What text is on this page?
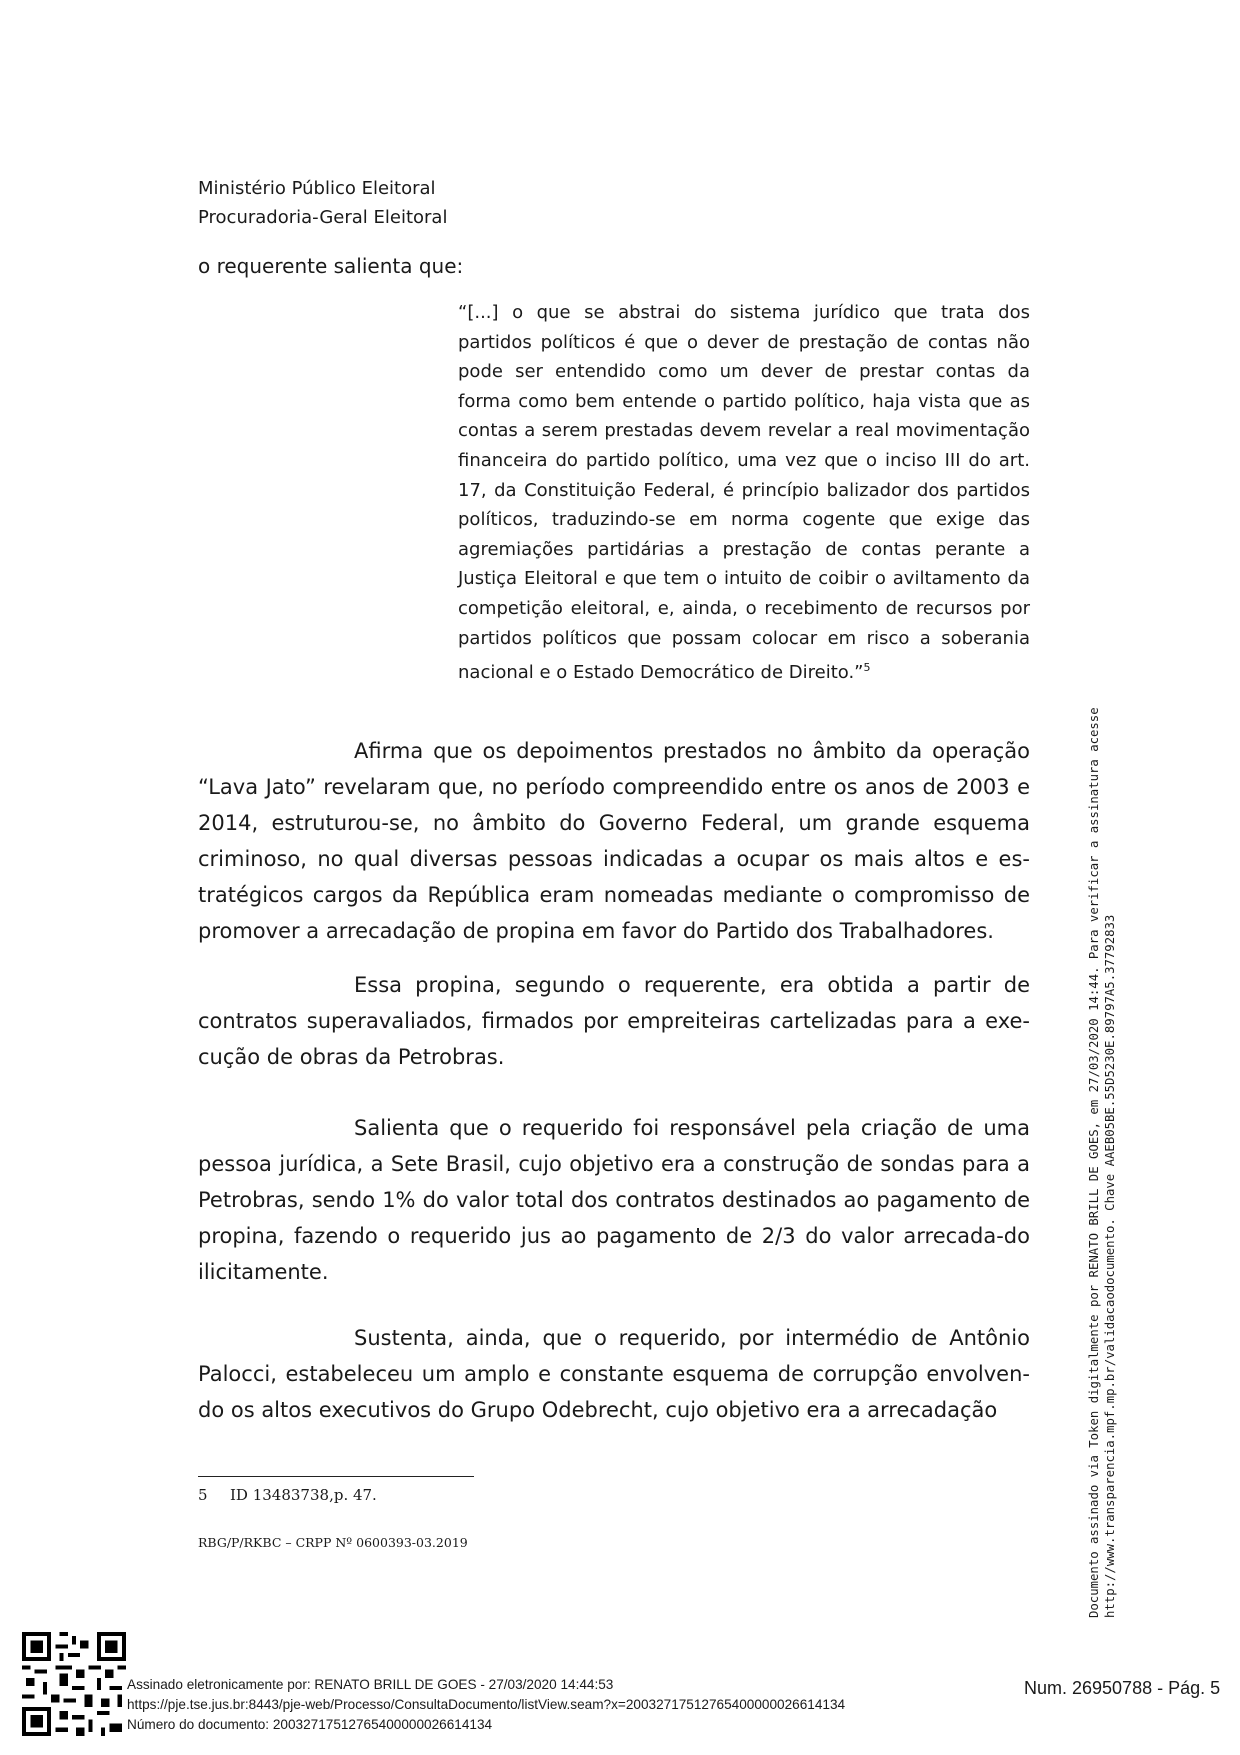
Ministério Público Eleitoral
Procuradoria-Geral Eleitoral
o requerente salienta que:

“[...] o que se abstrai do sistema jurídico que trata dos partidos políticos é que o dever de prestação de contas não pode ser entendido como um dever de prestar contas da forma como bem entende o partido político, haja vista que as contas a serem prestadas devem revelar a real movimentação financeira do partido político, uma vez que o inciso III do art. 17, da Constituição Federal, é princípio balizador dos partidos políticos, traduzindo-se em norma cogente que exige das agremiações partidárias a prestação de contas perante a Justiça Eleitoral e que tem o intuito de coibir o aviltamento da competição eleitoral, e, ainda, o recebimento de recursos por partidos políticos que possam colocar em risco a soberania nacional e o Estado Democrático de Direito.”$^5$

Afirma que os depoimentos prestados no âmbito da operação “Lava Jato” revelaram que, no período compreendido entre os anos de 2003 e 2014, estruturou-se, no âmbito do Governo Federal, um grande esquema criminoso, no qual diversas pessoas indicadas a ocupar os mais altos e es-tratégicos cargos da República eram nomeadas mediante o compromisso de promover a arrecadação de propina em favor do Partido dos Trabalhadores.

Essa propina, segundo o requerente, era obtida a partir de contratos superavaliados, firmados por empreiteiras cartelizadas para a exe-cução de obras da Petrobras.

Salienta que o requerido foi responsável pela criação de uma pessoa jurídica, a Sete Brasil, cujo objetivo era a construção de sondas para a Petrobras, sendo 1% do valor total dos contratos destinados ao pagamento de propina, fazendo o requerido jus ao pagamento de 2/3 do valor arrecada-do ilicitamente.

Sustenta, ainda, que o requerido, por intermédio de Antônio Palocci, estabeleceu um amplo e constante esquema de corrupção envolven-do os altos executivos do Grupo Odebrecht, cujo objetivo era a arrecadação

5 ID 13483738,p. 47.
RBG/P/RKBC – CRPP Nº 0600393-03.2019	Documento assinado via Token digitalmente por RENATO BRILL DE GOES, em 27/03/2020 14:44. Para verificar a assinatura acesse http://www.transparencia.mpf.mp.br/validacaodocumento. Chave AAEB05BE.55D5230E.89797A5.37792833
Assinado eletronicamente por: RENATO BRILL DE GOES - 27/03/2020 14:44:53
https://pje.tse.jus.br:8443/pje-web/Processo/ConsultaDocumento/listView.seam?x=20032717512765400000026614134
Número do documento: 20032717512765400000026614134
Num. 26950788 - Pág. 5
